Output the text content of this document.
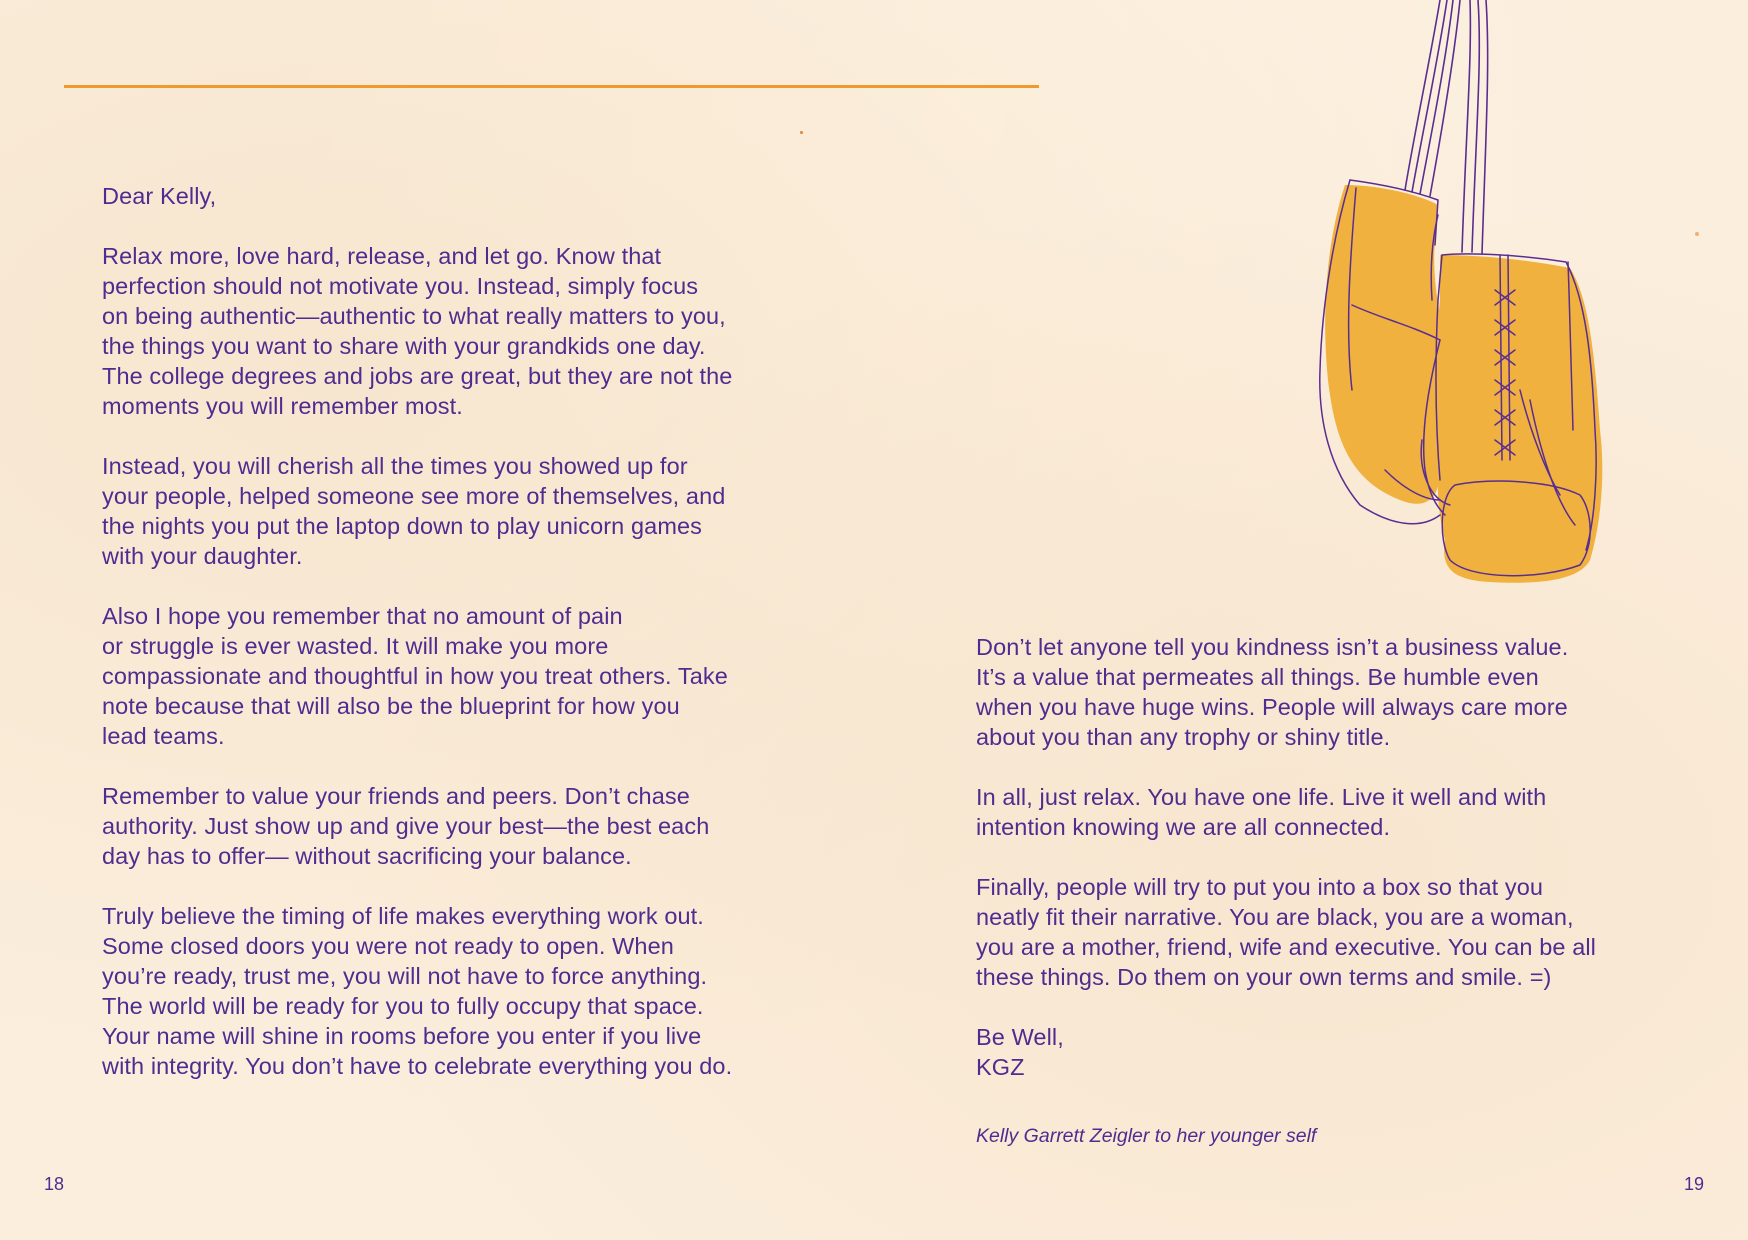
Dear Kelly,

Relax more, love hard, release, and let go. Know that
perfection should not motivate you. Instead, simply focus
on being authentic—authentic to what really matters to you,
the things you want to share with your grandkids one day.
The college degrees and jobs are great, but they are not the
moments you will remember most.

Instead, you will cherish all the times you showed up for
your people, helped someone see more of themselves, and
the nights you put the laptop down to play unicorn games
with your daughter.

Also I hope you remember that no amount of pain
or struggle is ever wasted. It will make you more
compassionate and thoughtful in how you treat others. Take
note because that will also be the blueprint for how you
lead teams.

Remember to value your friends and peers. Don’t chase
authority. Just show up and give your best—the best each
day has to offer— without sacrificing your balance.

Truly believe the timing of life makes everything work out.
Some closed doors you were not ready to open. When
you’re ready, trust me, you will not have to force anything.
The world will be ready for you to fully occupy that space.
Your name will shine in rooms before you enter if you live
with integrity. You don’t have to celebrate everything you do.

Don’t let anyone tell you kindness isn’t a business value.
It’s a value that permeates all things. Be humble even
when you have huge wins. People will always care more
about you than any trophy or shiny title.

In all, just relax. You have one life. Live it well and with
intention knowing we are all connected.

Finally, people will try to put you into a box so that you
neatly fit their narrative. You are black, you are a woman,
you are a mother, friend, wife and executive. You can be all
these things. Do them on your own terms and smile. =)

Be Well,
KGZ

Kelly Garrett Zeigler to her younger self
18	19
